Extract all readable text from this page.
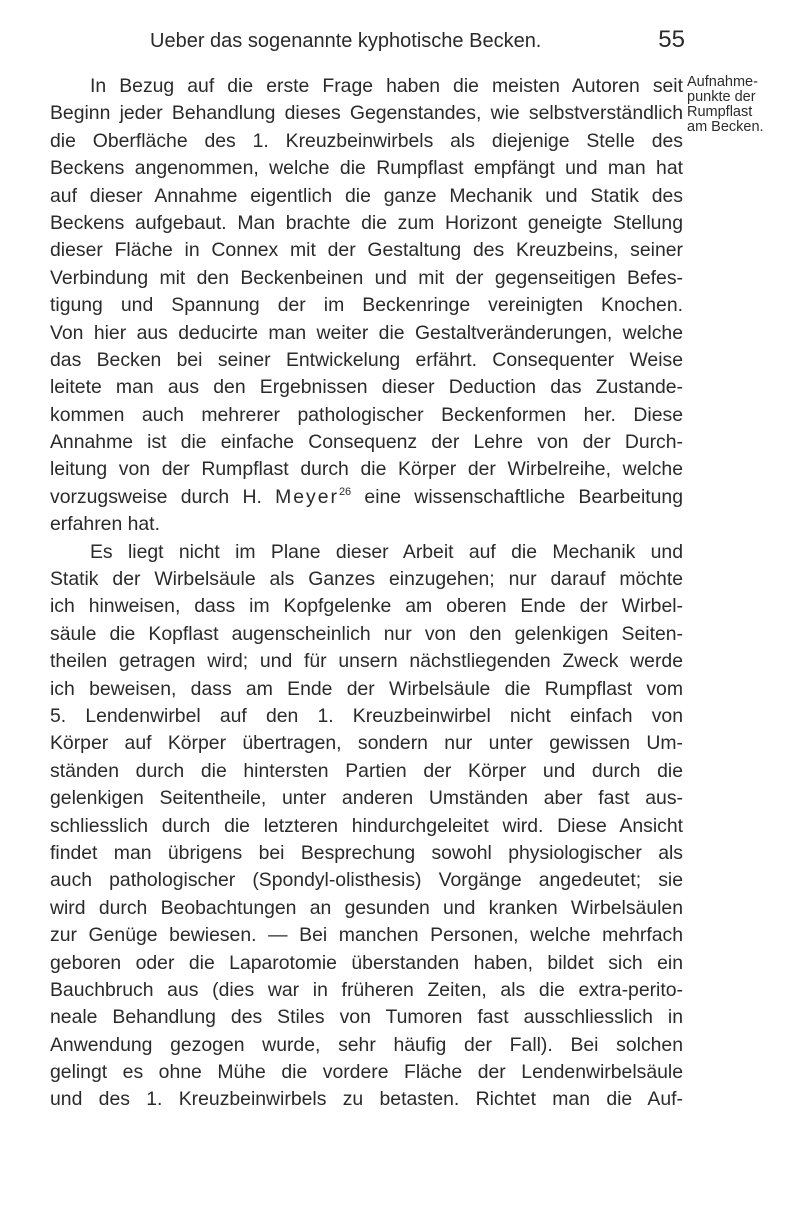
Ueber das sogenannte kyphotische Becken.	55
Aufnahme-
punkte der
Rumpflast
am Becken.
In Bezug auf die erste Frage haben die meisten Autoren seit
Beginn jeder Behandlung dieses Gegenstandes, wie selbstverständlich
die Oberfläche des 1. Kreuzbeinwirbels als diejenige Stelle des
Beckens angenommen, welche die Rumpflast empfängt und man hat
auf dieser Annahme eigentlich die ganze Mechanik und Statik des
Beckens aufgebaut. Man brachte die zum Horizont geneigte Stellung
dieser Fläche in Connex mit der Gestaltung des Kreuzbeins, seiner
Verbindung mit den Beckenbeinen und mit der gegenseitigen Befes-
tigung und Spannung der im Beckenringe vereinigten Knochen.
Von hier aus deducirte man weiter die Gestaltveränderungen, welche
das Becken bei seiner Entwickelung erfährt. Consequenter Weise
leitete man aus den Ergebnissen dieser Deduction das Zustande-
kommen auch mehrerer pathologischer Beckenformen her. Diese
Annahme ist die einfache Consequenz der Lehre von der Durch-
leitung von der Rumpflast durch die Körper der Wirbelreihe, welche
vorzugsweise durch H. Meyer$^{26}$ eine wissenschaftliche Bearbeitung
erfahren hat.
Es liegt nicht im Plane dieser Arbeit auf die Mechanik und
Statik der Wirbelsäule als Ganzes einzugehen; nur darauf möchte
ich hinweisen, dass im Kopfgelenke am oberen Ende der Wirbel-
säule die Kopflast augenscheinlich nur von den gelenkigen Seiten-
theilen getragen wird; und für unsern nächstliegenden Zweck werde
ich beweisen, dass am Ende der Wirbelsäule die Rumpflast vom
5. Lendenwirbel auf den 1. Kreuzbeinwirbel nicht einfach von
Körper auf Körper übertragen, sondern nur unter gewissen Um-
ständen durch die hintersten Partien der Körper und durch die
gelenkigen Seitentheile, unter anderen Umständen aber fast aus-
schliesslich durch die letzteren hindurchgeleitet wird. Diese Ansicht
findet man übrigens bei Besprechung sowohl physiologischer als
auch pathologischer (Spondyl-olisthesis) Vorgänge angedeutet; sie
wird durch Beobachtungen an gesunden und kranken Wirbelsäulen
zur Genüge bewiesen. — Bei manchen Personen, welche mehrfach
geboren oder die Laparotomie überstanden haben, bildet sich ein
Bauchbruch aus (dies war in früheren Zeiten, als die extra-perito-
neale Behandlung des Stiles von Tumoren fast ausschliesslich in
Anwendung gezogen wurde, sehr häufig der Fall). Bei solchen
gelingt es ohne Mühe die vordere Fläche der Lendenwirbelsäule
und des 1. Kreuzbeinwirbels zu betasten. Richtet man die Auf-
